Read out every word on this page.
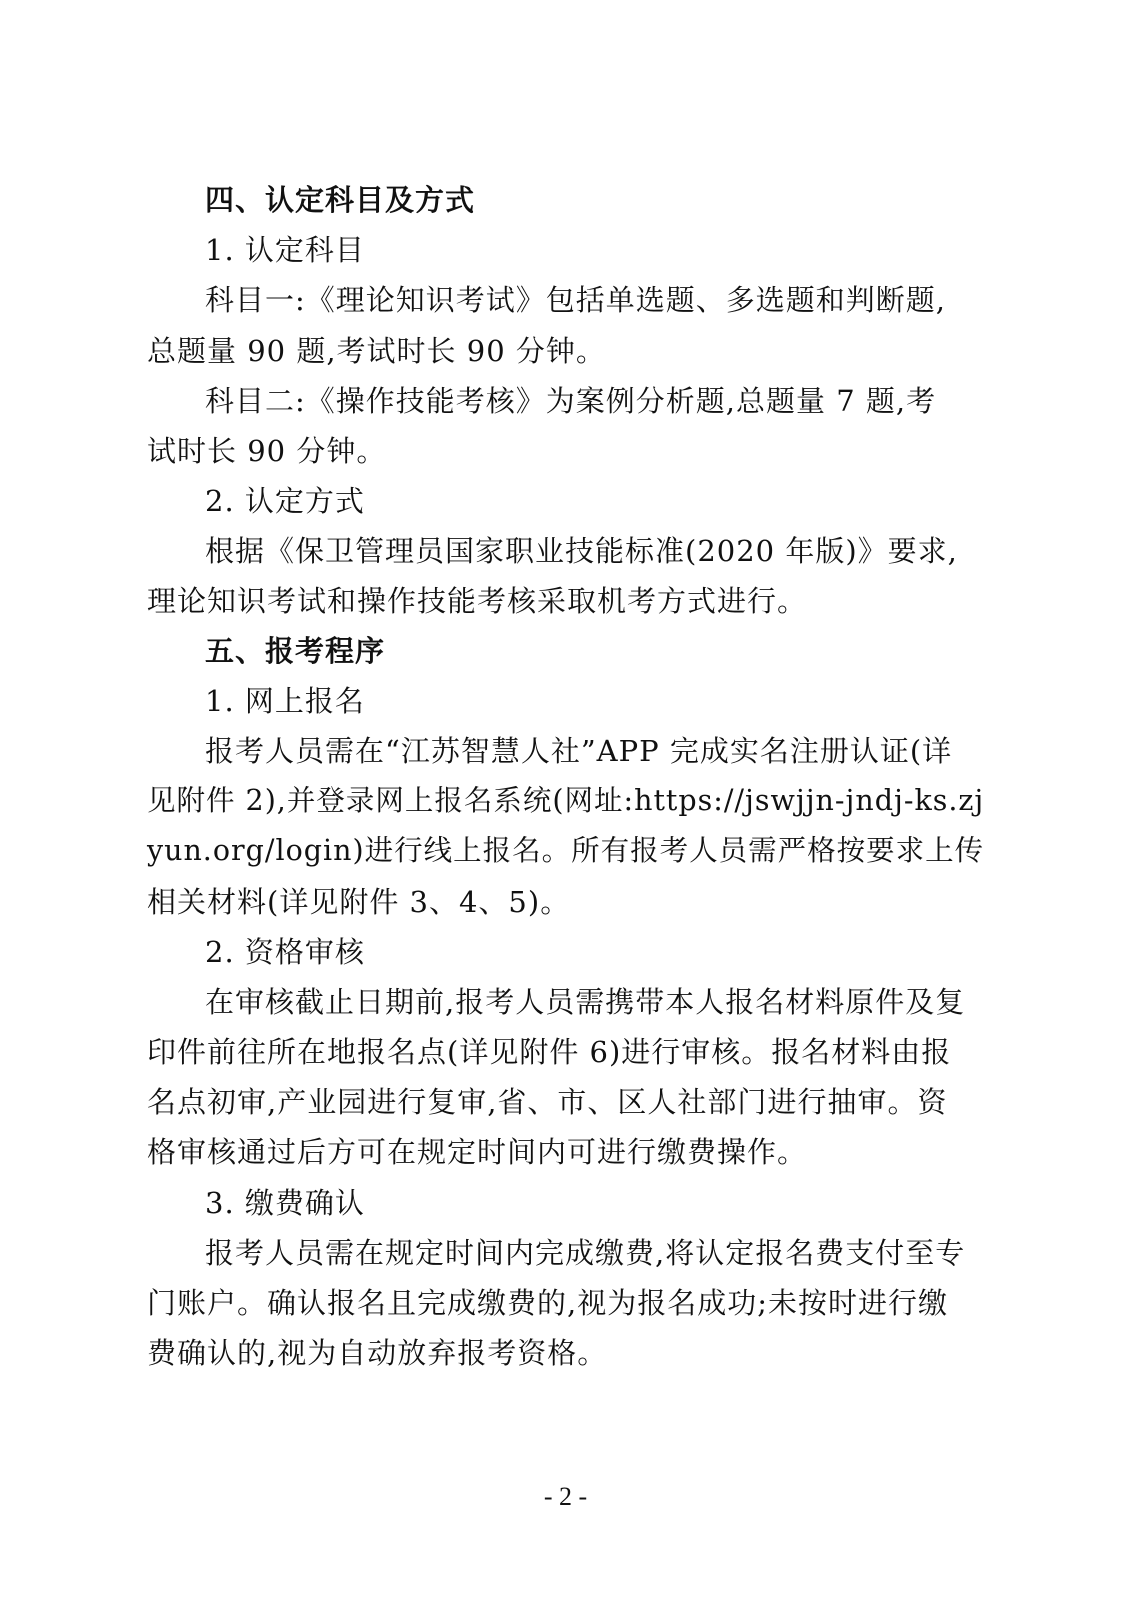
四、认定科目及方式
1. 认定科目
科目一:《理论知识考试》包括单选题、多选题和判断题,
总题量 90 题,考试时长 90 分钟。
科目二:《操作技能考核》为案例分析题,总题量 7 题,考
试时长 90 分钟。
2. 认定方式
根据《保卫管理员国家职业技能标准(2020 年版)》要求,
理论知识考试和操作技能考核采取机考方式进行。
五、报考程序
1. 网上报名
报考人员需在“江苏智慧人社”APP 完成实名注册认证(详
见附件 2),并登录网上报名系统(网址:https://jswjjn-jndj-ks.zj
yun.org/login)进行线上报名。所有报考人员需严格按要求上传
相关材料(详见附件 3、4、5)。
2. 资格审核
在审核截止日期前,报考人员需携带本人报名材料原件及复
印件前往所在地报名点(详见附件 6)进行审核。报名材料由报
名点初审,产业园进行复审,省、市、区人社部门进行抽审。资
格审核通过后方可在规定时间内可进行缴费操作。
3. 缴费确认
报考人员需在规定时间内完成缴费,将认定报名费支付至专
门账户。确认报名且完成缴费的,视为报名成功;未按时进行缴
费确认的,视为自动放弃报考资格。
- 2 -
